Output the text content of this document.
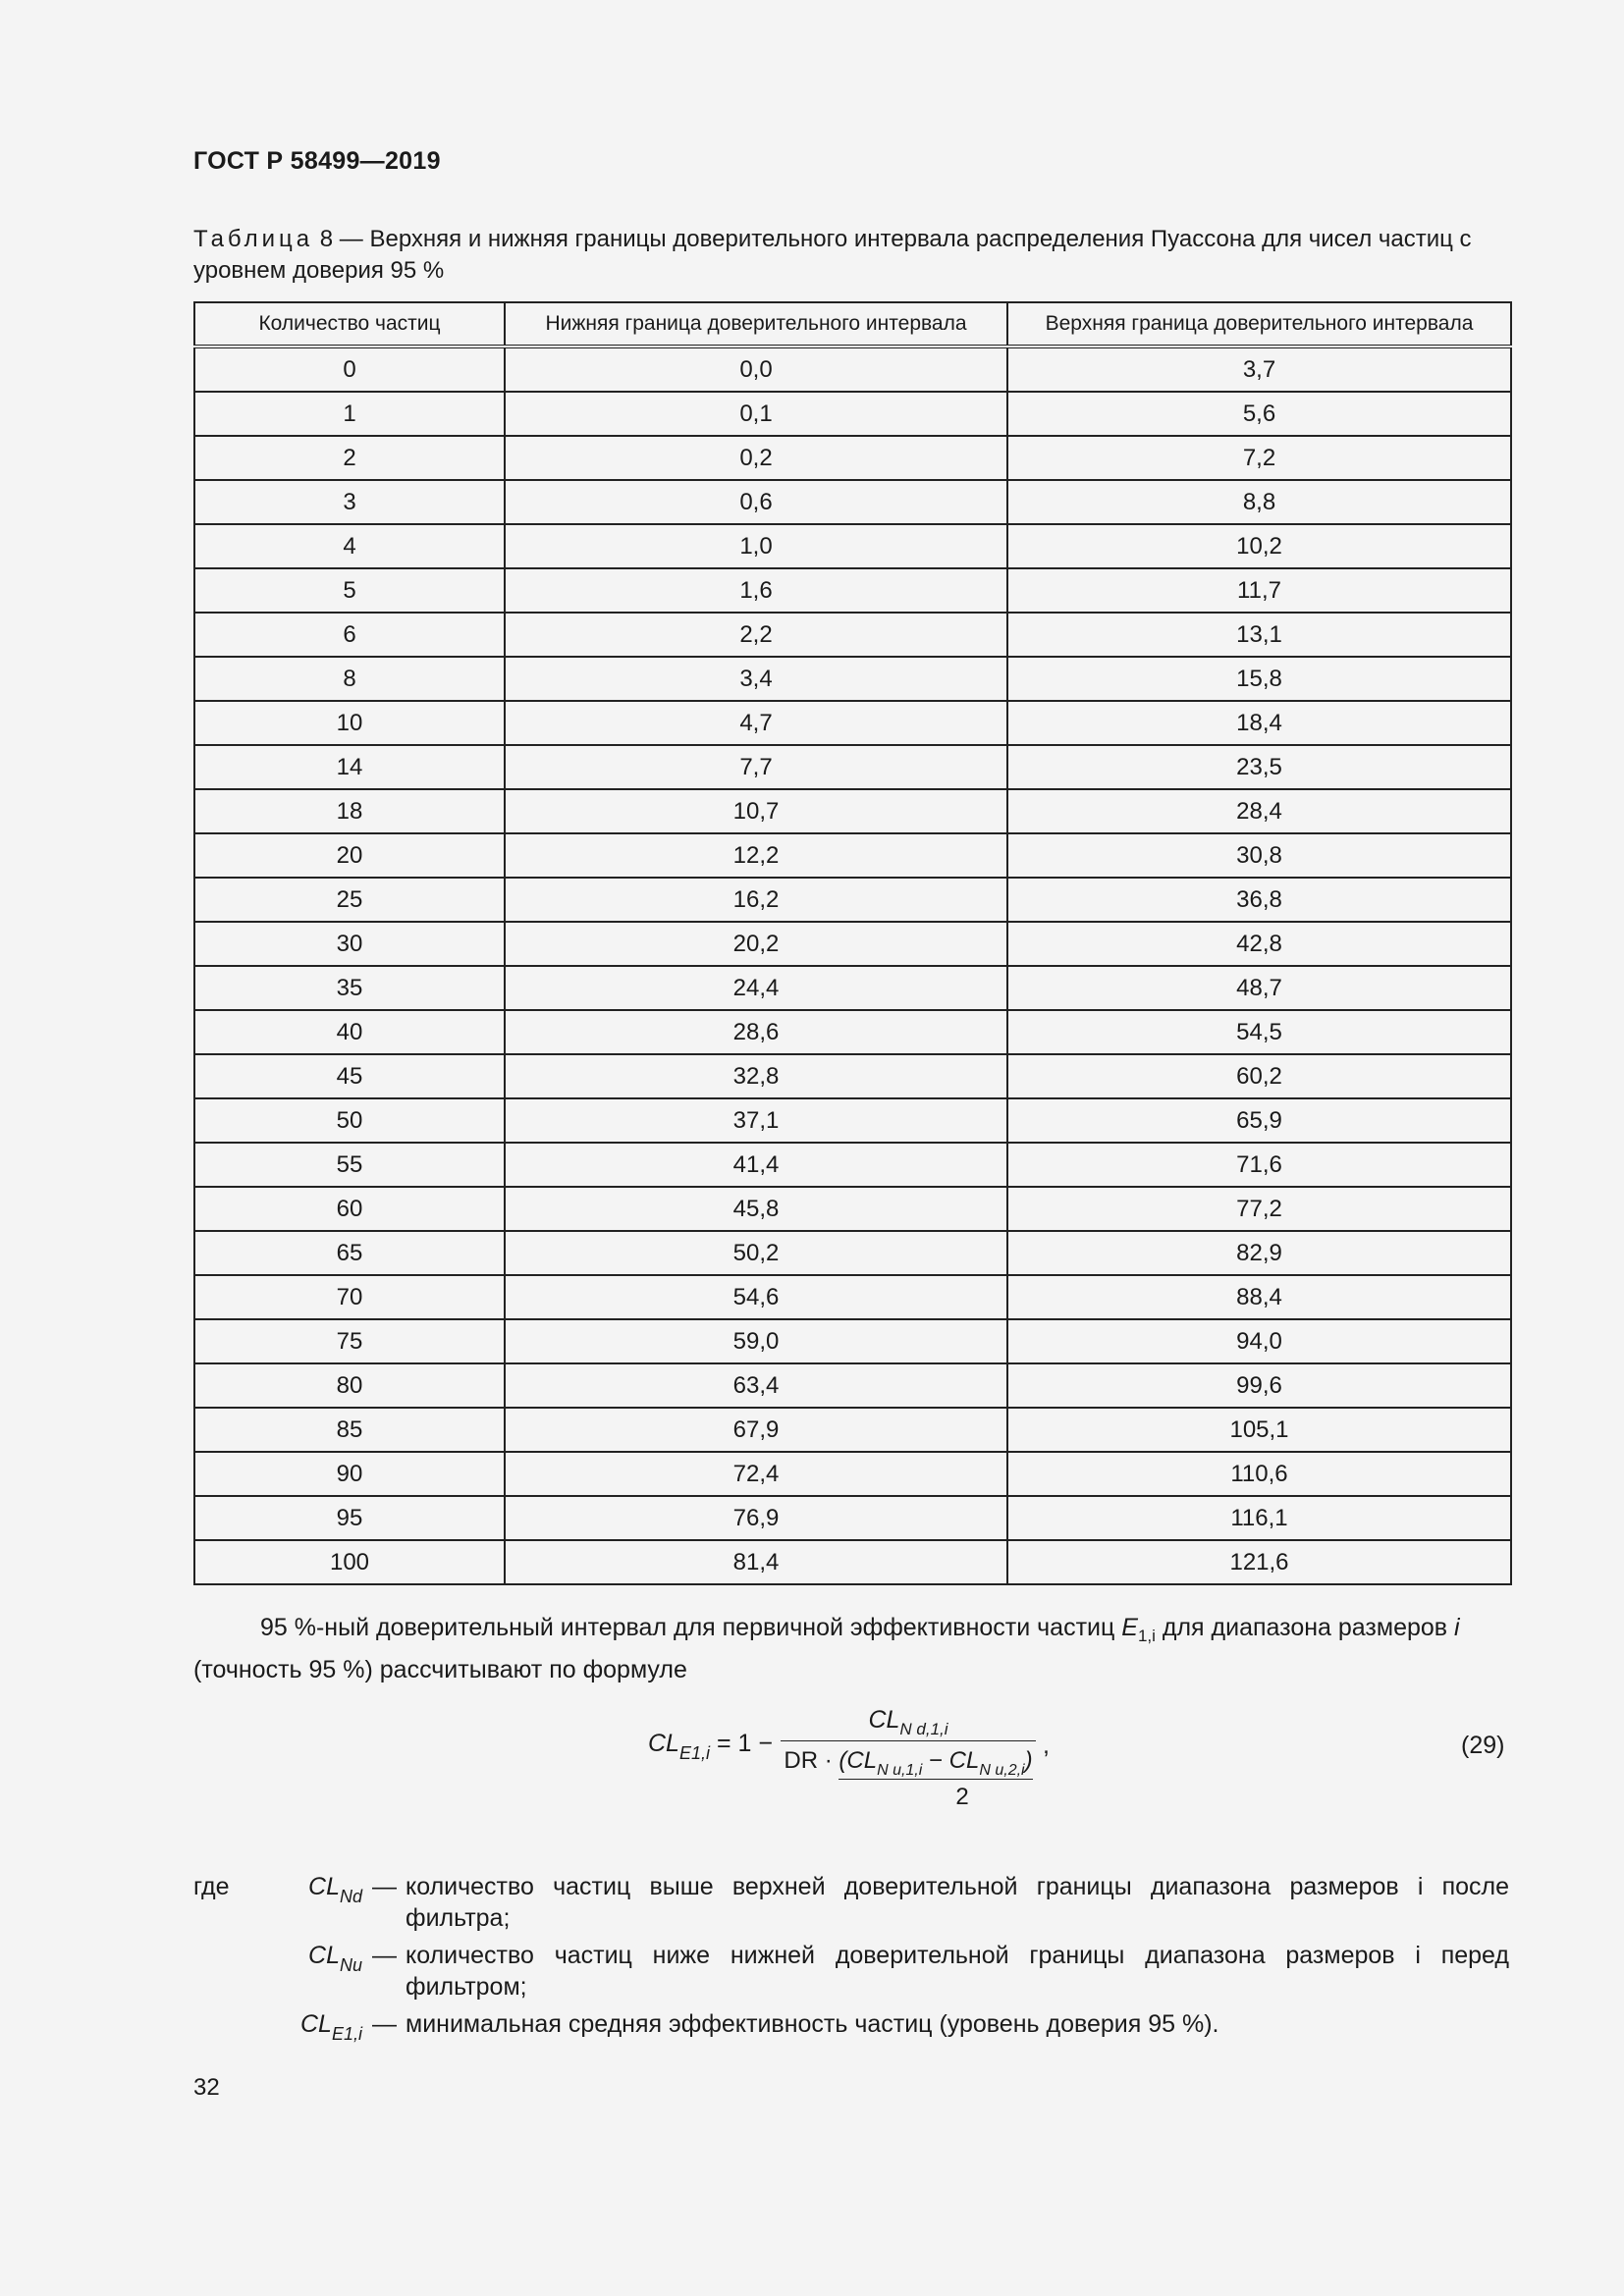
ГОСТ Р 58499—2019
Таблица 8 — Верхняя и нижняя границы доверительного интервала распределения Пуассона для чисел частиц с уровнем доверия 95 %
Количество частиц	Нижняя граница доверительного интервала	Верхняя граница доверительного интервала
0	0,0	3,7
1	0,1	5,6
2	0,2	7,2
3	0,6	8,8
4	1,0	10,2
5	1,6	11,7
6	2,2	13,1
8	3,4	15,8
10	4,7	18,4
14	7,7	23,5
18	10,7	28,4
20	12,2	30,8
25	16,2	36,8
30	20,2	42,8
35	24,4	48,7
40	28,6	54,5
45	32,8	60,2
50	37,1	65,9
55	41,4	71,6
60	45,8	77,2
65	50,2	82,9
70	54,6	88,4
75	59,0	94,0
80	63,4	99,6
85	67,9	105,1
90	72,4	110,6
95	76,9	116,1
100	81,4	121,6
95 %-ный доверительный интервал для первичной эффективности частиц $E_{1,i}$ для диапазона размеров i (точность 95 %) рассчитывают по формуле
$CL_{E1,i} = 1$ −
$CL_{N d,1,i}$
DR · $(CL_{N u,1,i} - CL_{N u,2,i})$
2
,	(29)
где	$CL_{Nd}$ — количество частиц выше верхней доверительной границы диапазона размеров i после фильтра;
$CL_{Nu}$ — количество частиц ниже нижней доверительной границы диапазона размеров i перед фильтром;
$CL_{E1,i}$ — минимальная средняя эффективность частиц (уровень доверия 95 %).
32
